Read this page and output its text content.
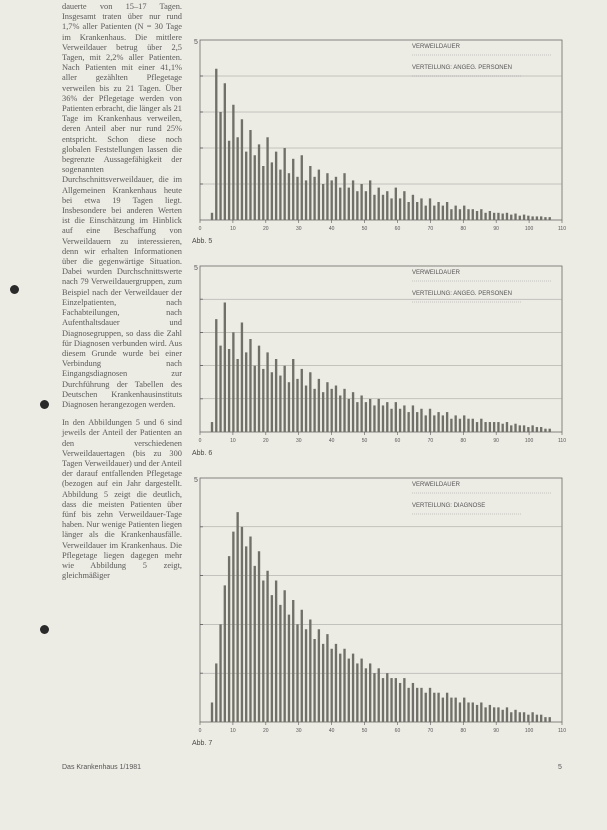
dauerte von 15–17 Tagen. Insgesamt traten über nur rund 1,7% aller Patienten (N = 30 Tage im Krankenhaus. Die mittlere Verweildauer betrug über 2,5 Tagen, mit 2,2% aller Patienten. Nach Patienten mit einer 41,1% aller gezählten Pflegetage verweilen bis zu 21 Tagen. Über 36% der Pflegetage werden von Patienten erbracht, die länger als 21 Tage im Krankenhaus verweilen, deren Anteil aber nur rund 25% entspricht. Schon diese noch globalen Feststellungen lassen die begrenzte Aussagefähigkeit der sogenannten Durchschnittsverweildauer, die im Allgemeinen Krankenhaus heute bei etwa 19 Tagen liegt. Insbesondere bei anderen Werten ist die Einschätzung im Hinblick auf eine Beschaffung von Verweildauern zu interessieren, denn wir erhalten Informationen über die gegenwärtige Situation. Dabei wurden Durchschnittswerte nach 79 Verweildauergruppen, zum Beispiel nach der Verweildauer der Einzelpatienten, nach Fachabteilungen, nach Aufenthaltsdauer und Diagnosegruppen, so dass die Zahl für Diagnosen verbunden wird. Aus diesem Grunde wurde bei einer Verbindung nach Eingangsdiagnosen zur Durchführung der Tabellen des Deutschen Krankenhausinstituts Diagnosen herangezogen werden.

In den Abbildungen 5 und 6 sind jeweils der Anteil der Patienten an den verschiedenen Verweildauertagen (bis zu 300 Tagen Verweildauer) und der Anteil der darauf entfallenden Pflegetage (bezogen auf ein Jahr dargestellt. Abbildung 5 zeigt die deutlich, dass die meisten Patienten über fünf bis zehn Verweildauer-Tage haben. Nur wenige Patienten liegen länger als die Krankenhausfälle. Verweildauer im Krankenhaus. Die Pflegetage liegen dagegen mehr wie Abbildung 5 zeigt, gleichmäßiger

5
0	10	20	30	40	50	60	70	80	90	100	110
VERWEILDAUER
VERTEILUNG: ANGEG. PERSONEN
Abb. 5
5
0	10	20	30	40	50	60	70	80	90	100	110
VERWEILDAUER
VERTEILUNG: ANGEG. PERSONEN
Abb. 6
5
0	10	20	30	40	50	60	70	80	90	100	110
VERWEILDAUER
VERTEILUNG: DIAGNOSE
Abb. 7
Das Krankenhaus 1/1981	5
